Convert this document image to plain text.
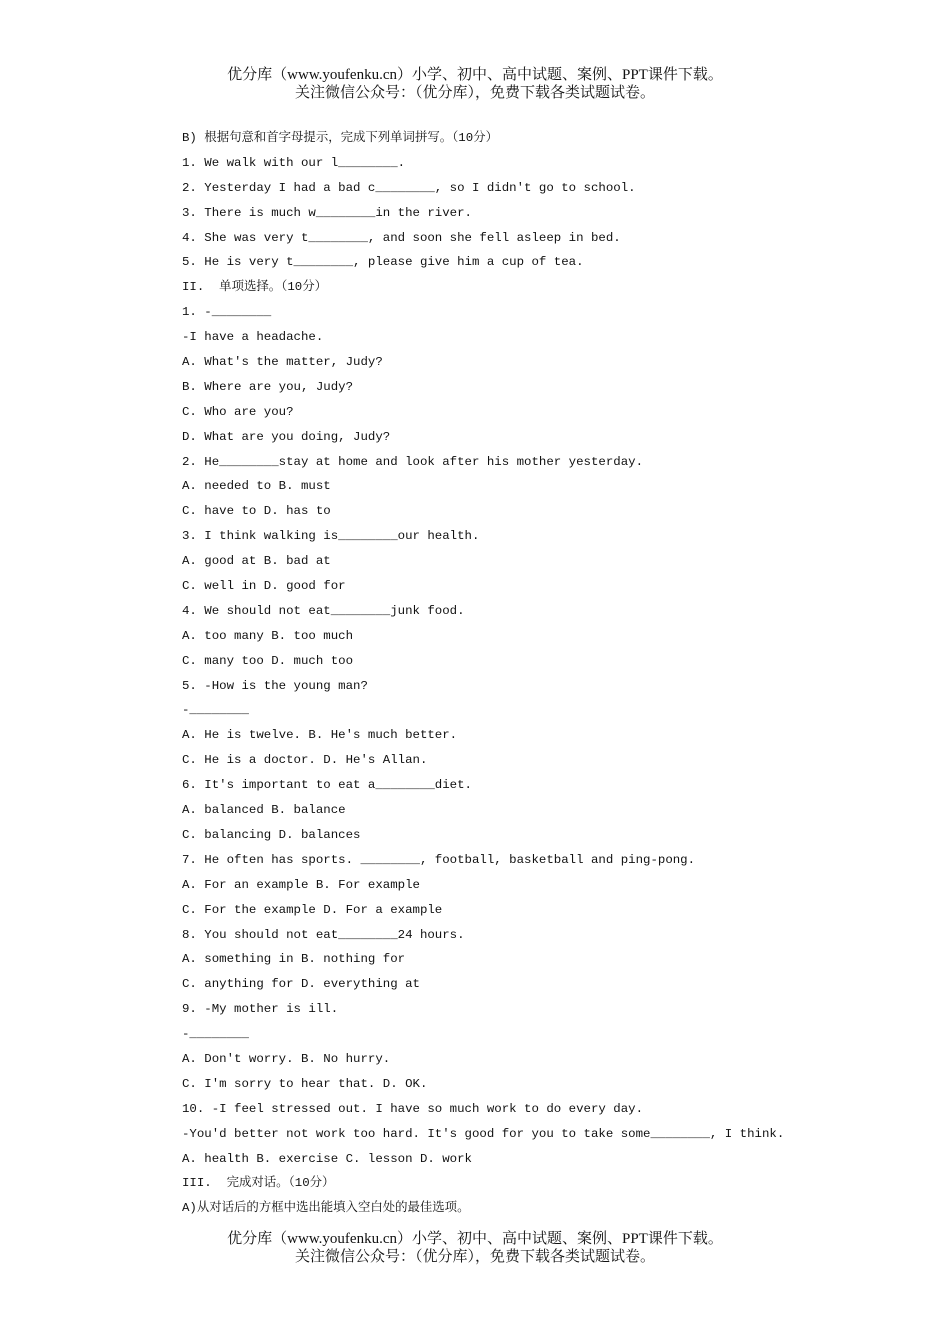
优分库（www.youfenku.cn）小学、初中、高中试题、案例、PPT课件下载。
关注微信公众号：（优分库），免费下载各类试题试卷。
B) 根据句意和首字母提示，完成下列单词拼写。（10分）
1. We walk with our l________.
2. Yesterday I had a bad c________, so I didn't go to school.
3. There is much w________in the river.
4. She was very t________, and soon she fell asleep in bed.
5. He is very t________, please give him a cup of tea.
II.  单项选择。（10分）
1. -________
-I have a headache.
A. What's the matter, Judy?
B. Where are you, Judy?
C. Who are you?
D. What are you doing, Judy?
2. He________stay at home and look after his mother yesterday.
A. needed to B. must
C. have to D. has to
3. I think walking is________our health.
A. good at B. bad at
C. well in D. good for
4. We should not eat________junk food.
A. too many B. too much
C. many too D. much too
5. -How is the young man?
-________
A. He is twelve. B. He's much better.
C. He is a doctor. D. He's Allan.
6. It's important to eat a________diet.
A. balanced B. balance
C. balancing D. balances
7. He often has sports. ________, football, basketball and ping-pong.
A. For an example B. For example
C. For the example D. For a example
8. You should not eat________24 hours.
A. something in B. nothing for
C. anything for D. everything at
9. -My mother is ill.
-________
A. Don't worry. B. No hurry.
C. I'm sorry to hear that. D. OK.
10. -I feel stressed out. I have so much work to do every day.
-You'd better not work too hard. It's good for you to take some________, I think.
A. health B. exercise C. lesson D. work
III.  完成对话。（10分）
A)从对话后的方框中选出能填入空白处的最佳选项。
优分库（www.youfenku.cn）小学、初中、高中试题、案例、PPT课件下载。
关注微信公众号：（优分库），免费下载各类试题试卷。
